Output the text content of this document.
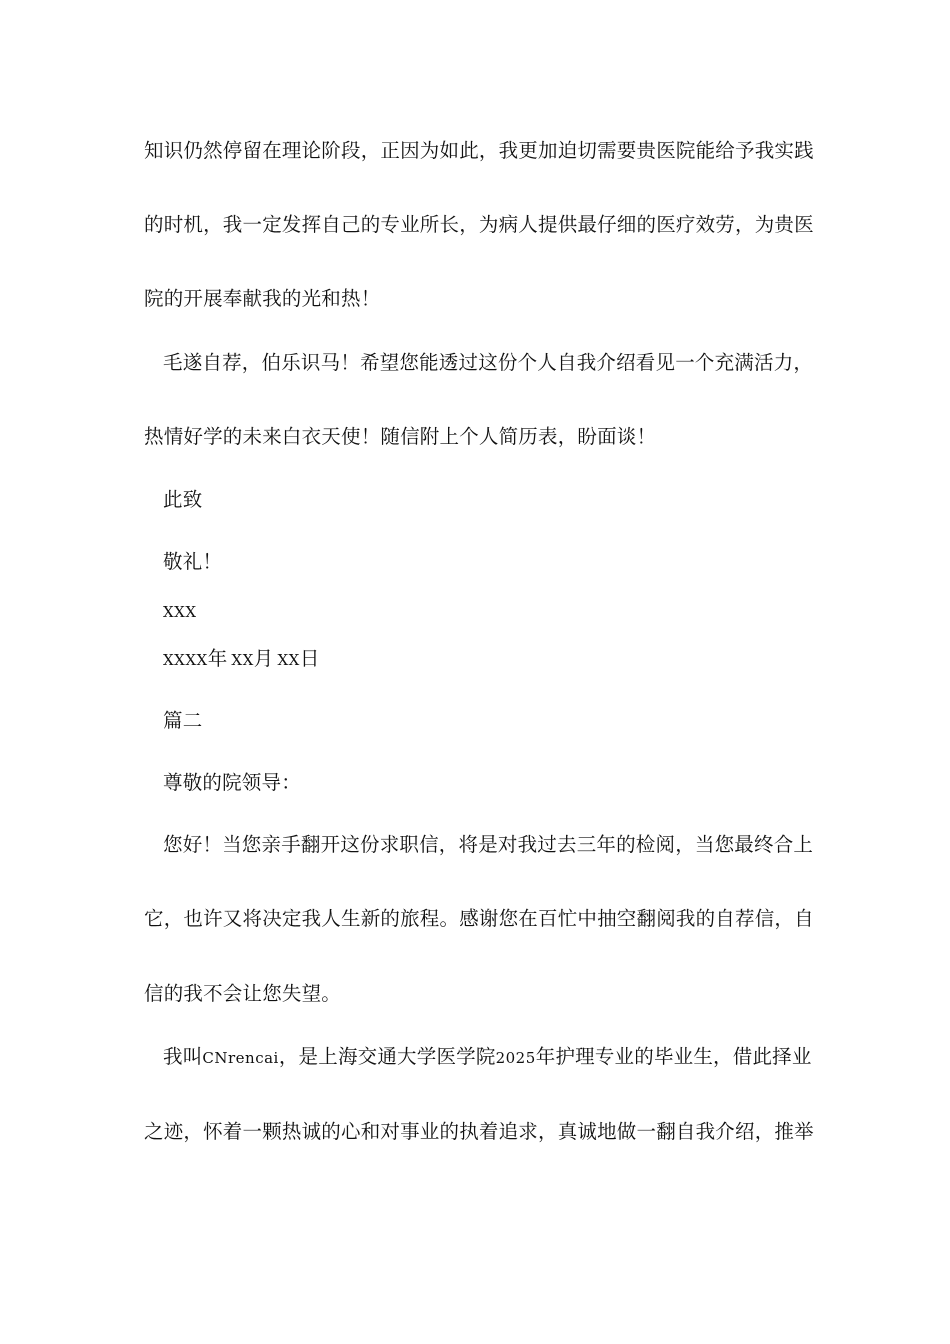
知识仍然停留在理论阶段，正因为如此，我更加迫切需要贵医院能给予我实践
的时机，我一定发挥自己的专业所长，为病人提供最仔细的医疗效劳，为贵医
院的开展奉献我的光和热！
毛遂自荐，伯乐识马！希望您能透过这份个人自我介绍看见一个充满活力，
热情好学的未来白衣天使！随信附上个人简历表，盼面谈！
此致
敬礼！
XXX
XXXX年 XX月 XX日
篇二
尊敬的院领导：
您好！当您亲手翻开这份求职信，将是对我过去三年的检阅，当您最终合上
它，也许又将决定我人生新的旅程。感谢您在百忙中抽空翻阅我的自荐信，自
信的我不会让您失望。
我叫CNrencai，是上海交通大学医学院2025年护理专业的毕业生，借此择业
之迹，怀着一颗热诚的心和对事业的执着追求，真诚地做一翻自我介绍，推举
